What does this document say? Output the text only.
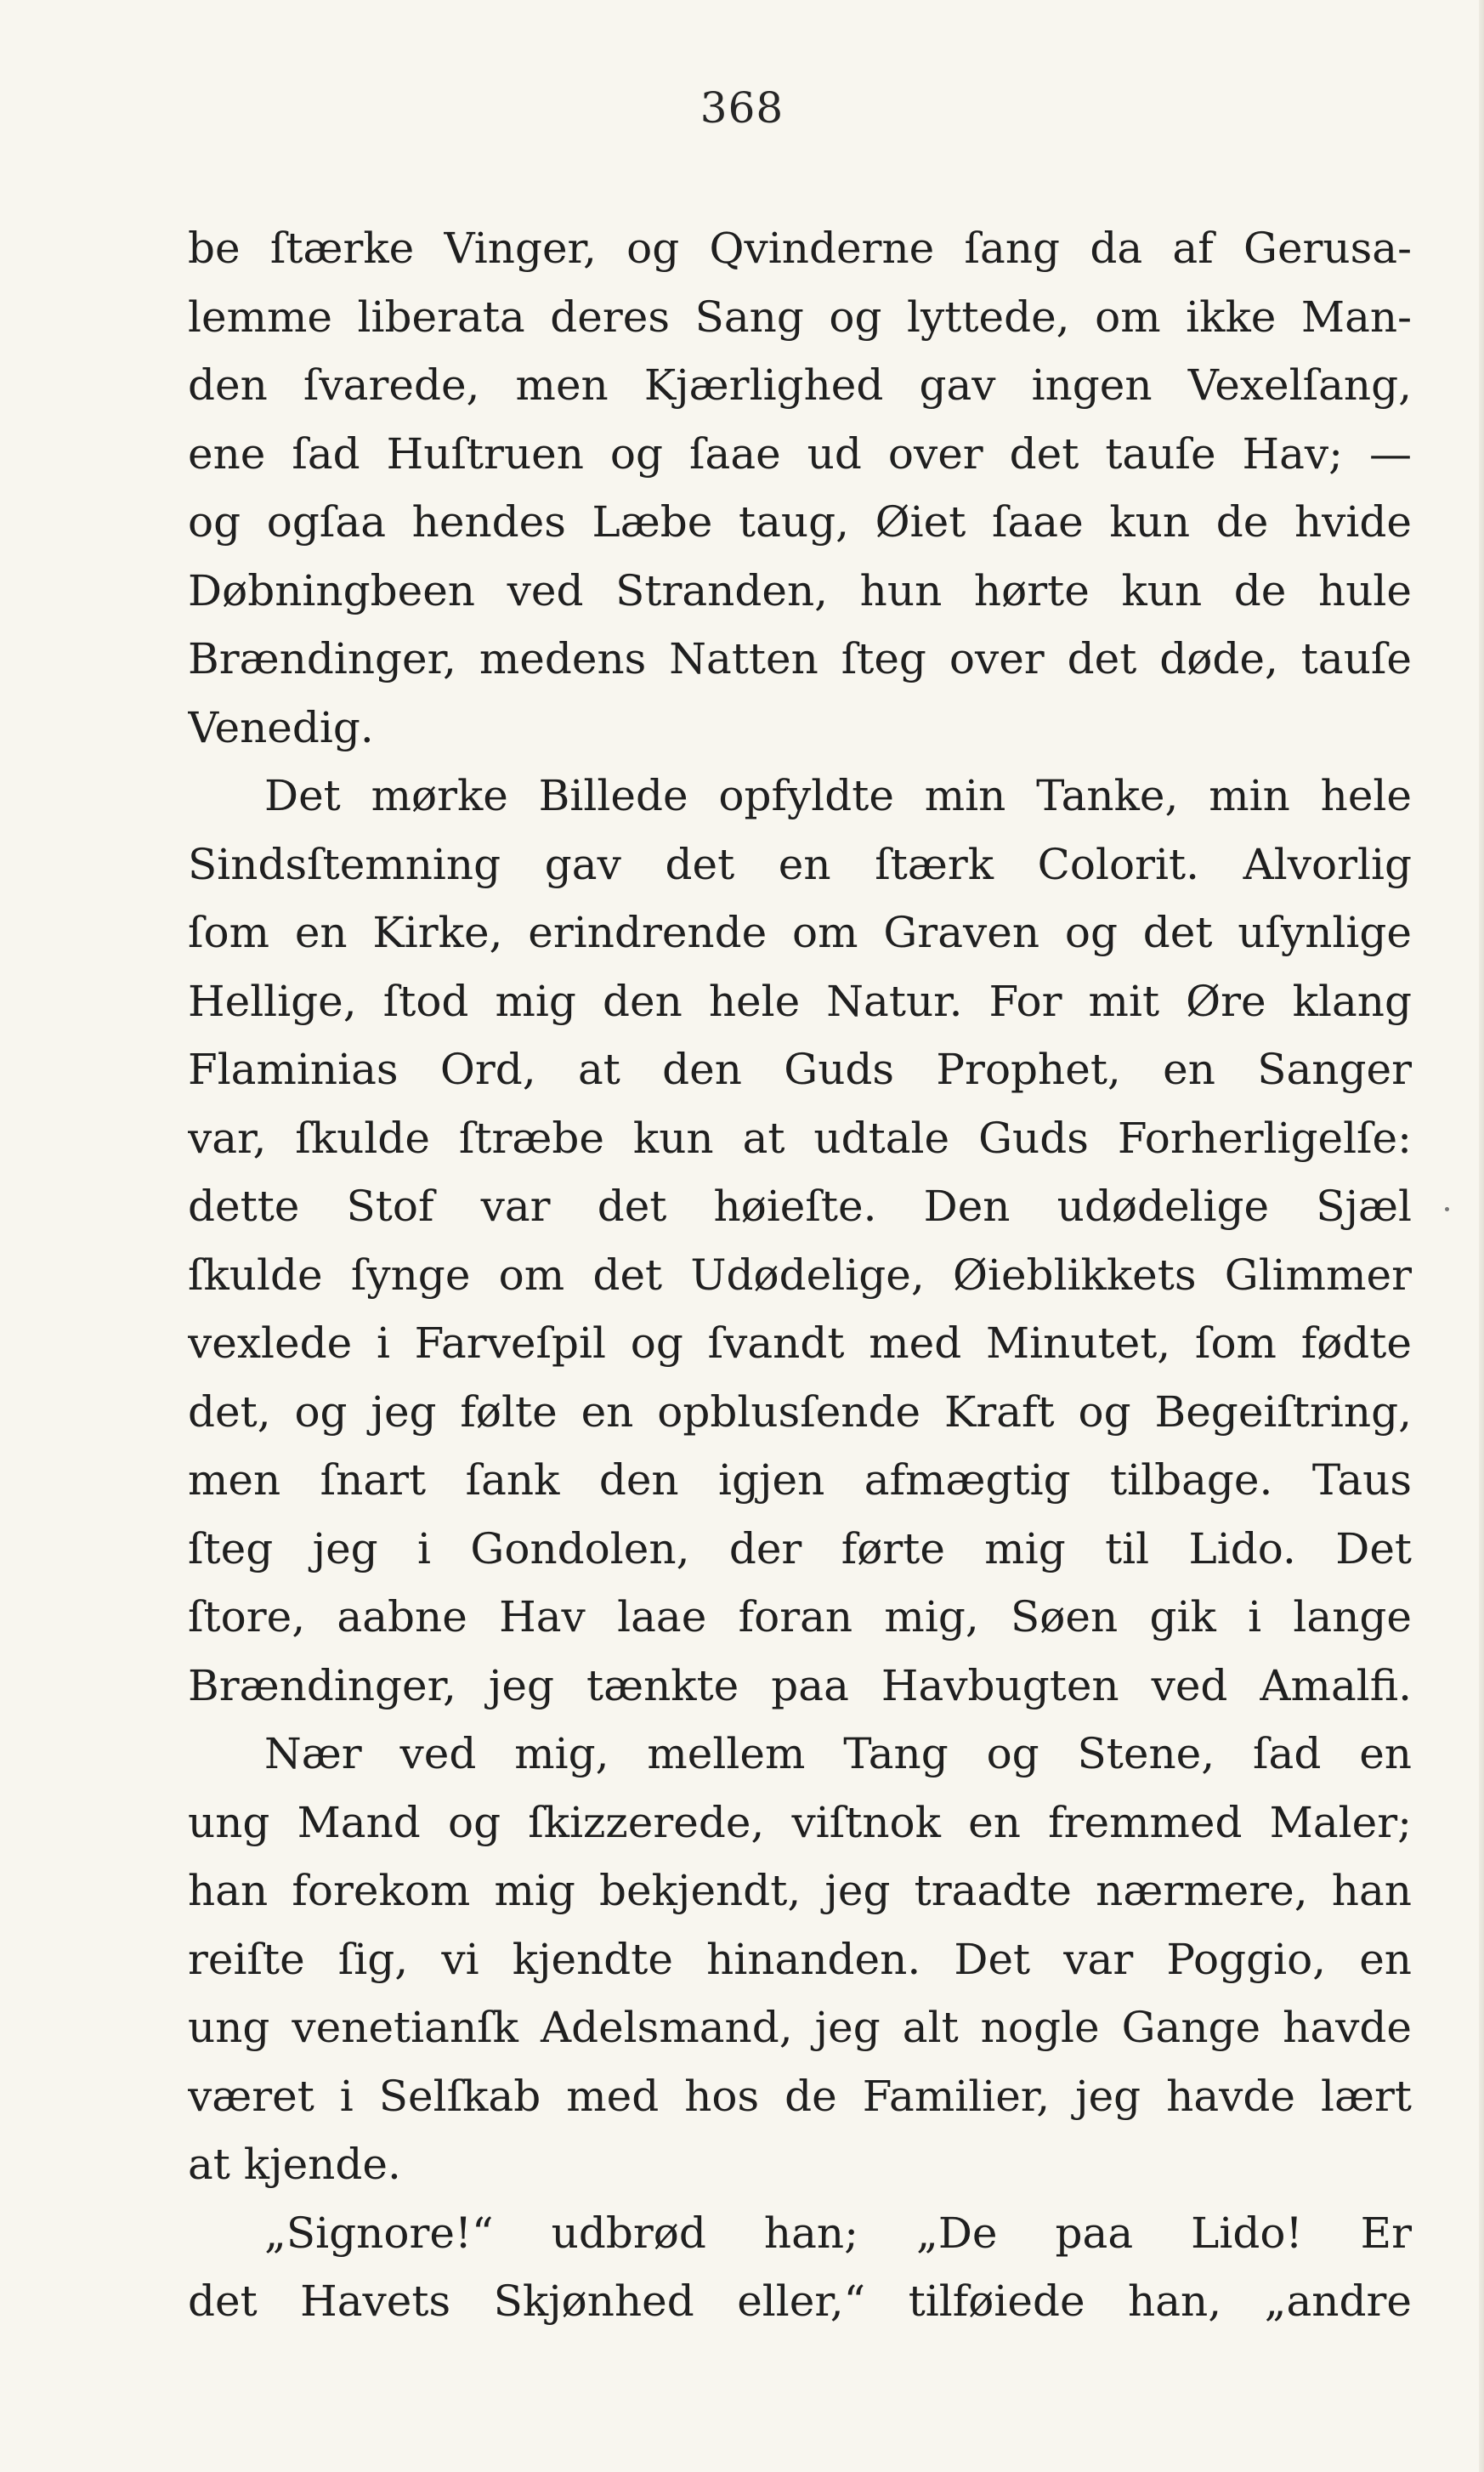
368
be ſtærke Vinger, og Qvinderne ſang da af Gerusa-
lemme liberata deres Sang og lyttede, om ikke Man-
den ſvarede, men Kjærlighed gav ingen Vexelſang,
ene ſad Huſtruen og ſaae ud over det tauſe Hav; —
og ogſaa hendes Læbe taug, Øiet ſaae kun de hvide
Døbningbeen ved Stranden, hun hørte kun de hule
Brændinger, medens Natten ſteg over det døde, tauſe
Venedig.
Det mørke Billede opfyldte min Tanke, min hele
Sindsſtemning gav det en ſtærk Colorit. Alvorlig
ſom en Kirke, erindrende om Graven og det uſynlige
Hellige, ſtod mig den hele Natur. For mit Øre klang
Flaminias Ord, at den Guds Prophet, en Sanger
var, ſkulde ſtræbe kun at udtale Guds Forherligelſe:
dette Stof var det høieſte. Den udødelige Sjæl
ſkulde ſynge om det Udødelige, Øieblikkets Glimmer
vexlede i Farveſpil og ſvandt med Minutet, ſom fødte
det, og jeg følte en opblusſende Kraft og Begeiſtring,
men ſnart ſank den igjen afmægtig tilbage. Taus
ſteg jeg i Gondolen, der førte mig til Lido. Det
ſtore, aabne Hav laae foran mig, Søen gik i lange
Brændinger, jeg tænkte paa Havbugten ved Amalfi.
Nær ved mig, mellem Tang og Stene, ſad en
ung Mand og ſkizzerede, viſtnok en fremmed Maler;
han forekom mig bekjendt, jeg traadte nærmere, han
reiſte ſig, vi kjendte hinanden. Det var Poggio, en
ung venetianſk Adelsmand, jeg alt nogle Gange havde
været i Selſkab med hos de Familier, jeg havde lært
at kjende.
„Signore!“ udbrød han; „De paa Lido! Er
det Havets Skjønhed eller,“ tilføiede han, „andre
